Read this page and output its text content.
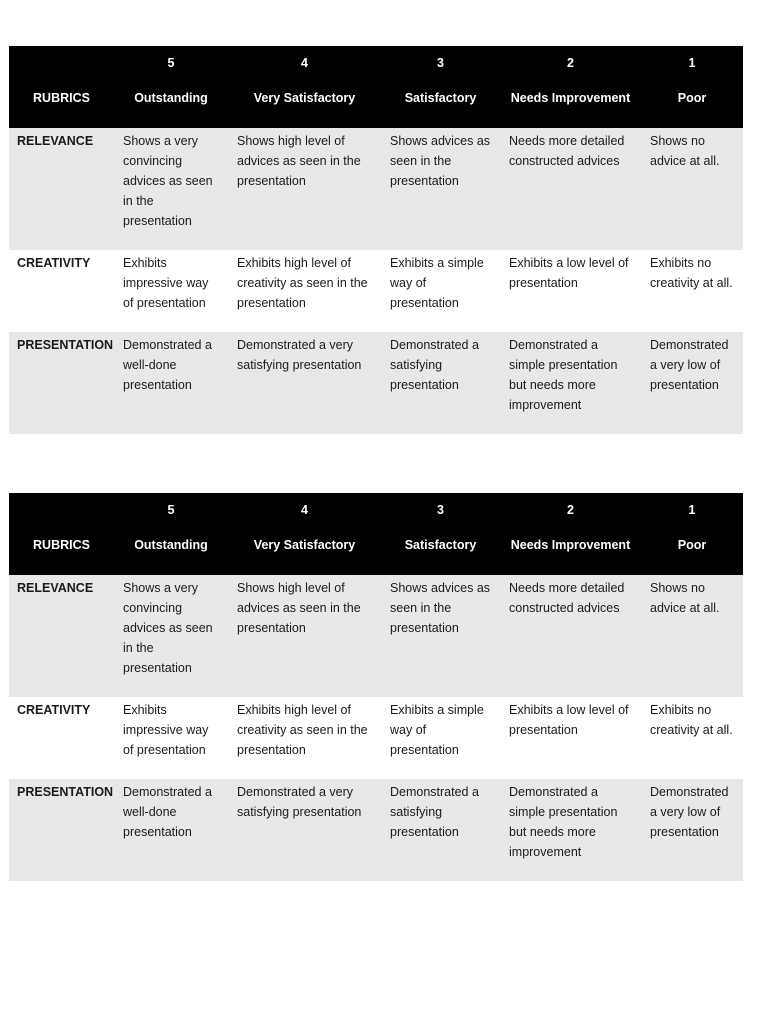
	5	4	3	2	1
RUBRICS	Outstanding	Very Satisfactory	Satisfactory	Needs Improvement	Poor
RELEVANCE	Shows a very convincing advices as seen in the presentation	Shows high level of advices as seen in the presentation	Shows advices as seen in the presentation	Needs more detailed constructed advices	Shows no advice at all.
CREATIVITY	Exhibits impressive way of presentation	Exhibits high level of creativity as seen in the presentation	Exhibits a simple way of presentation	Exhibits a low level of presentation	Exhibits no creativity at all.
PRESENTATION	Demonstrated a well-done presentation	Demonstrated a very satisfying presentation	Demonstrated a satisfying presentation	Demonstrated a simple presentation but needs more improvement	Demonstrated a very low of presentation
	5	4	3	2	1
RUBRICS	Outstanding	Very Satisfactory	Satisfactory	Needs Improvement	Poor
RELEVANCE	Shows a very convincing advices as seen in the presentation	Shows high level of advices as seen in the presentation	Shows advices as seen in the presentation	Needs more detailed constructed advices	Shows no advice at all.
CREATIVITY	Exhibits impressive way of presentation	Exhibits high level of creativity as seen in the presentation	Exhibits a simple way of presentation	Exhibits a low level of presentation	Exhibits no creativity at all.
PRESENTATION	Demonstrated a well-done presentation	Demonstrated a very satisfying presentation	Demonstrated a satisfying presentation	Demonstrated a simple presentation but needs more improvement	Demonstrated a very low of presentation
